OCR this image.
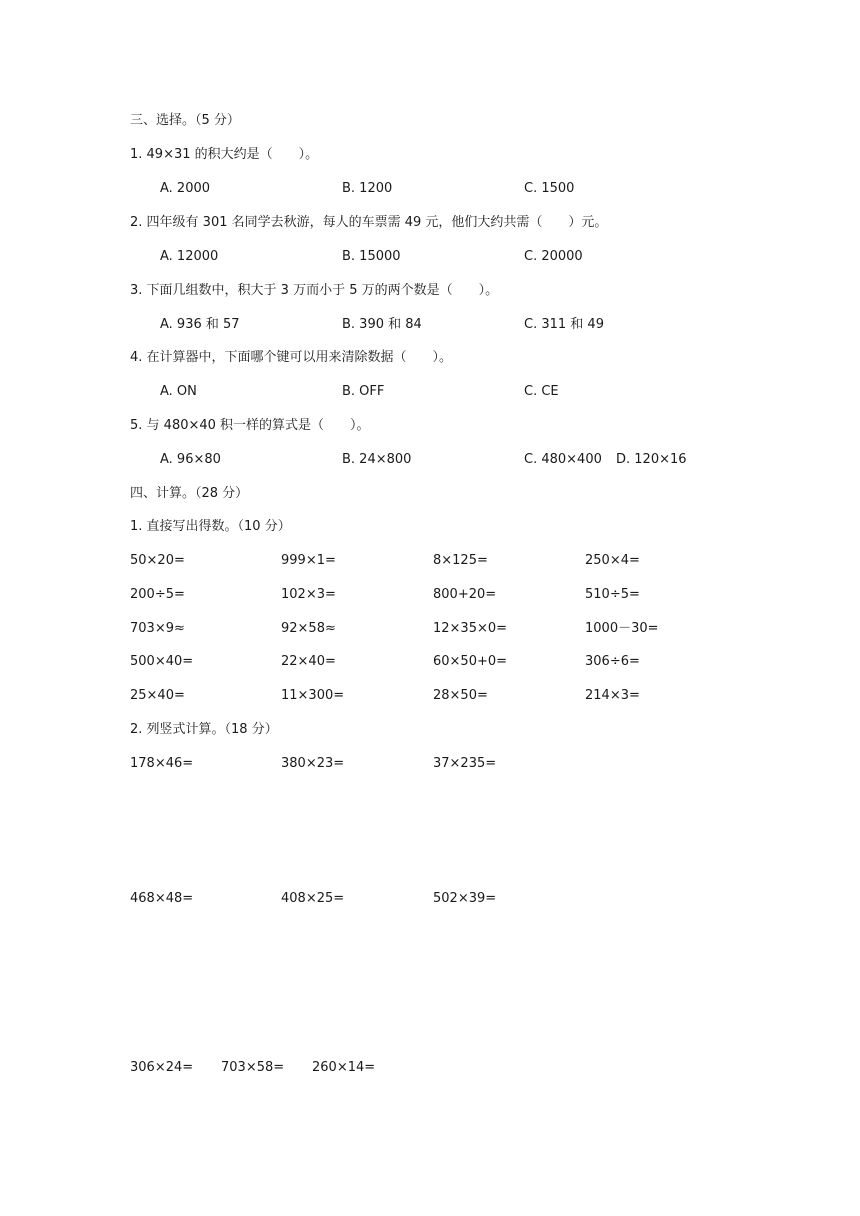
三、选择。（5 分）
1. 49×31 的积大约是（　　）。
A. 2000	B. 1200	C. 1500
2. 四年级有 301 名同学去秋游，每人的车票需 49 元，他们大约共需（　　）元。
A. 12000	B. 15000	C. 20000
3. 下面几组数中，积大于 3 万而小于 5 万的两个数是（　　）。
A. 936 和 57	B. 390 和 84	C. 311 和 49
4. 在计算器中，下面哪个键可以用来清除数据（　　）。
A. ON	B. OFF	C. CE
5. 与 480×40 积一样的算式是（　　）。
A. 96×80	B. 24×800	C. 480×400 D. 120×16
四、计算。（28 分）
1. 直接写出得数。（10 分）
50×20=	999×1=	8×125=	250×4=
200÷5=	102×3=	800+20=	510÷5=
703×9≈	92×58≈	12×35×0=	1000－30=
500×40=	22×40=	60×50+0=	306÷6=
25×40=	11×300=	28×50=	214×3=
2. 列竖式计算。（18 分）
178×46=	380×23=	37×235=
468×48=	408×25=	502×39=
306×24= 703×58= 260×14=
